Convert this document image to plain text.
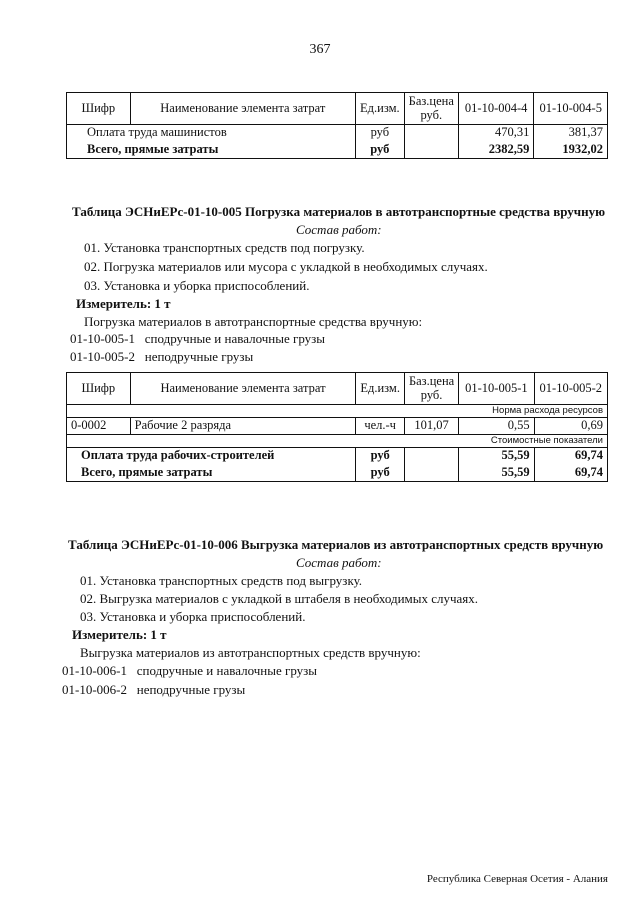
367
Шифр	Наименование элемента затрат	Ед.изм.	Баз.цена руб.	01-10-004-4	01-10-004-5
Оплата труда машинистов		руб		470,31	381,37
Всего, прямые затраты		руб		2382,59	1932,02
Таблица ЭСНиЕРс-01-10-005 Погрузка материалов в автотранспортные средства вручную
Состав работ:
01. Установка транспортных средств под погрузку.
02. Погрузка материалов или мусора с укладкой в необходимых случаях.
03. Установка и уборка приспособлений.
Измеритель: 1 т
Погрузка материалов в автотранспортные средства вручную:
01-10-005-1 сподручные и навалочные грузы
01-10-005-2 неподручные грузы
Шифр	Наименование элемента затрат	Ед.изм.	Баз.цена руб.	01-10-005-1	01-10-005-2
Норма расхода ресурсов					
0-0002	Рабочие 2 разряда	чел.-ч	101,07	0,55	0,69
Стоимостные показатели					
Оплата труда рабочих-строителей		руб		55,59	69,74
Всего, прямые затраты		руб		55,59	69,74
Таблица ЭСНиЕРс-01-10-006 Выгрузка материалов из автотранспортных средств вручную
Состав работ:
01. Установка транспортных средств под выгрузку.
02. Выгрузка материалов с укладкой в штабеля в необходимых случаях.
03. Установка и уборка приспособлений.
Измеритель: 1 т
Выгрузка материалов из автотранспортных средств вручную:
01-10-006-1 сподручные и навалочные грузы
01-10-006-2 неподручные грузы
Республика Северная Осетия - Алания
